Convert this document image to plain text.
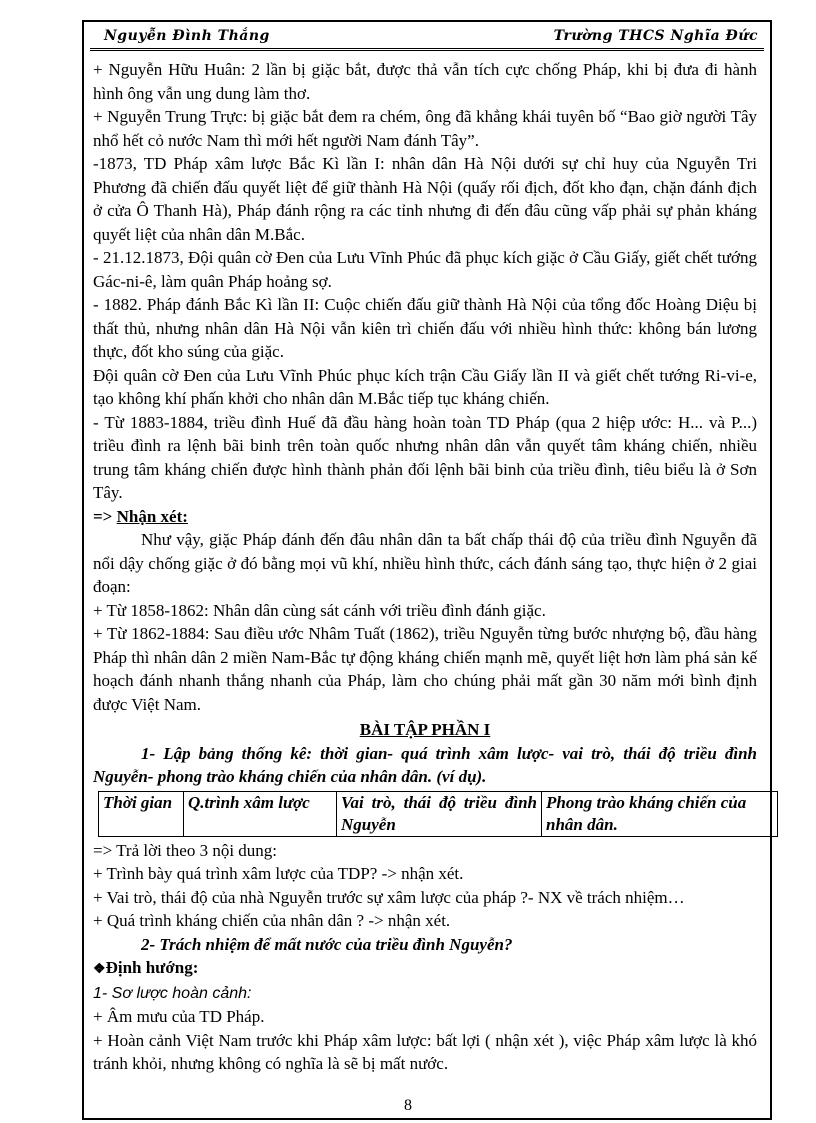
Nguyễn Đình Thắng	Trường THCS Nghĩa Đức

+ Nguyễn Hữu Huân: 2 lần bị giặc bắt, được thả vẫn tích cực chống Pháp, khi bị đưa đi hành hình ông vẫn ung dung làm thơ.

+ Nguyễn Trung Trực: bị giặc bắt đem ra chém, ông đã khẳng khái tuyên bố “Bao giờ người Tây nhổ hết cỏ nước Nam thì mới hết người Nam đánh Tây”.

-1873, TD Pháp xâm lược Bắc Kì lần I: nhân dân Hà Nội dưới sự chỉ huy của Nguyễn Tri Phương đã chiến đấu quyết liệt để giữ thành Hà Nội (quấy rối địch, đốt kho đạn, chặn đánh địch ở cửa Ô Thanh Hà), Pháp đánh rộng ra các tỉnh nhưng đi đến đâu cũng vấp phải sự phản kháng quyết liệt của nhân dân M.Bắc.

- 21.12.1873, Đội quân cờ Đen của Lưu Vĩnh Phúc đã phục kích giặc ở Cầu Giấy, giết chết tướng Gác-ni-ê, làm quân Pháp hoảng sợ.

- 1882. Pháp đánh Bắc Kì lần II: Cuộc chiến đấu giữ thành Hà Nội của tổng đốc Hoàng Diệu bị thất thủ, nhưng nhân dân Hà Nội vẫn kiên trì chiến đấu với nhiều hình thức: không bán lương thực, đốt kho súng của giặc.

Đội quân cờ Đen của Lưu Vĩnh Phúc phục kích trận Cầu Giấy lần II và giết chết tướng Ri-vi-e, tạo không khí phấn khởi cho nhân dân M.Bắc tiếp tục kháng chiến.

- Từ 1883-1884, triều đình Huế đã đầu hàng hoàn toàn TD Pháp (qua 2 hiệp ước: H... và P...) triều đình ra lệnh bãi binh trên toàn quốc nhưng nhân dân vẫn quyết tâm kháng chiến, nhiều trung tâm kháng chiến được hình thành phản đối lệnh bãi binh của triều đình, tiêu biểu là ở Sơn Tây.

=> Nhận xét:

Như vậy, giặc Pháp đánh đến đâu nhân dân ta bất chấp thái độ của triều đình Nguyễn đã nổi dậy chống giặc ở đó bằng mọi vũ khí, nhiều hình thức, cách đánh sáng tạo, thực hiện ở 2 giai đoạn:

+ Từ 1858-1862: Nhân dân cùng sát cánh với triều đình đánh giặc.

+ Từ 1862-1884: Sau điều ước Nhâm Tuất (1862), triều Nguyễn từng bước nhượng bộ, đầu hàng Pháp thì nhân dân 2 miền Nam-Bắc tự động kháng chiến mạnh mẽ, quyết liệt hơn làm phá sản kế hoạch đánh nhanh thắng nhanh của Pháp, làm cho chúng phải mất gần 30 năm mới bình định được Việt Nam.

BÀI TẬP PHẦN I

1- Lập bảng thống kê: thời gian- quá trình xâm lược- vai trò, thái độ triều đình Nguyễn- phong trào kháng chiến của nhân dân. (ví dụ).

Thời gian	Q.trình xâm lược	Vai trò, thái độ triều đình Nguyễn	Phong trào kháng chiến của nhân dân.

=> Trả lời theo 3 nội dung:

+ Trình bày quá trình xâm lược của TDP? -> nhận xét.

+ Vai trò, thái độ của nhà Nguyễn trước sự xâm lược của pháp ?- NX về trách nhiệm…

+ Quá trình kháng chiến của nhân dân ? -> nhận xét.

2- Trách nhiệm để mất nước của triều đình Nguyễn?

❖Định hướng:

1- Sơ lược hoàn cảnh:

+ Âm mưu của TD Pháp.

+ Hoàn cảnh Việt Nam trước khi Pháp xâm lược: bất lợi ( nhận xét ), việc Pháp xâm lược là khó tránh khỏi, nhưng không có nghĩa là sẽ bị mất nước.

8
